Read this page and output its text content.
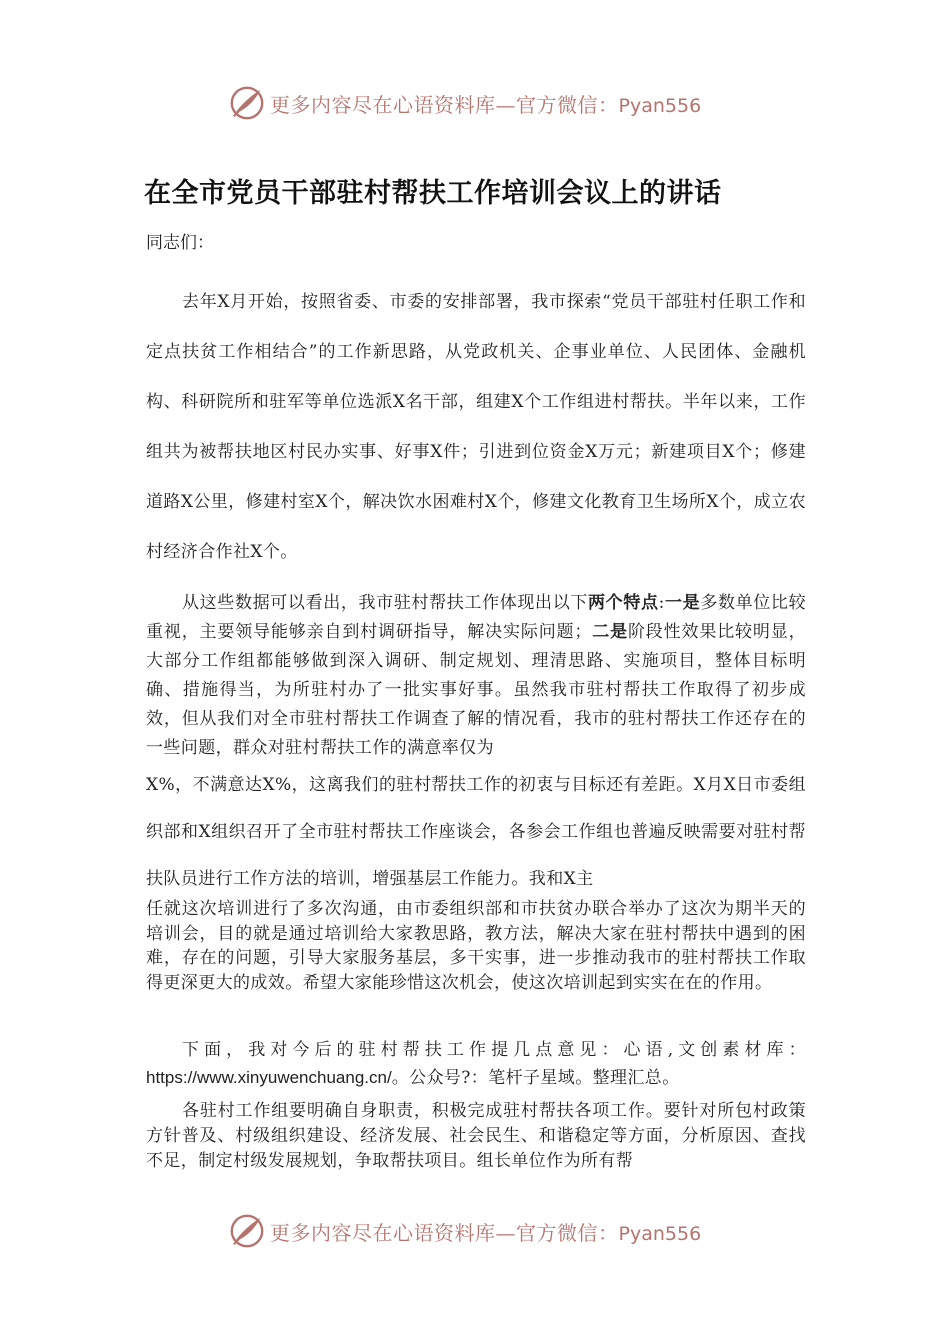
更多内容尽在心语资料库—官方微信：Pyan556
在全市党员干部驻村帮扶工作培训会议上的讲话

同志们：

去年X月开始，按照省委、市委的安排部署，我市探索“党员干部驻村任职工作和定点扶贫工作相结合”的工作新思路，从党政机关、企事业单位、人民团体、金融机构、科研院所和驻军等单位选派X名干部，组建X个工作组进村帮扶。半年以来，工作组共为被帮扶地区村民办实事、好事X件；引进到位资金X万元；新建项目X个；修建道路X公里，修建村室X个，解决饮水困难村X个，修建文化教育卫生场所X个，成立农村经济合作社X个。

从这些数据可以看出，我市驻村帮扶工作体现出以下两个特点:一是多数单位比较重视，主要领导能够亲自到村调研指导，解决实际问题；二是阶段性效果比较明显，大部分工作组都能够做到深入调研、制定规划、理清思路、实施项目，整体目标明确、措施得当，为所驻村办了一批实事好事。虽然我市驻村帮扶工作取得了初步成效，但从我们对全市驻村帮扶工作调查了解的情况看，我市的驻村帮扶工作还存在的一些问题，群众对驻村帮扶工作的满意率仅为

X%，不满意达X%，这离我们的驻村帮扶工作的初衷与目标还有差距。X月X日市委组织部和X组织召开了全市驻村帮扶工作座谈会，各参会工作组也普遍反映需要对驻村帮扶队员进行工作方法的培训，增强基层工作能力。我和X主

任就这次培训进行了多次沟通，由市委组织部和市扶贫办联合举办了这次为期半天的培训会，目的就是通过培训给大家教思路，教方法，解决大家在驻村帮扶中遇到的困难，存在的问题，引导大家服务基层，多干实事，进一步推动我市的驻村帮扶工作取得更深更大的成效。希望大家能珍惜这次机会，使这次培训起到实实在在的作用。

下面，我对今后的驻村帮扶工作提几点意见：心语,文创素材库：https://www.xinyuwenchuang.cn/。公众号?：笔杆子星域。整理汇总。

各驻村工作组要明确自身职责，积极完成驻村帮扶各项工作。要针对所包村政策方针普及、村级组织建设、经济发展、社会民生、和谐稳定等方面，分析原因、查找不足，制定村级发展规划，争取帮扶项目。组长单位作为所有帮

更多内容尽在心语资料库—官方微信：Pyan556
